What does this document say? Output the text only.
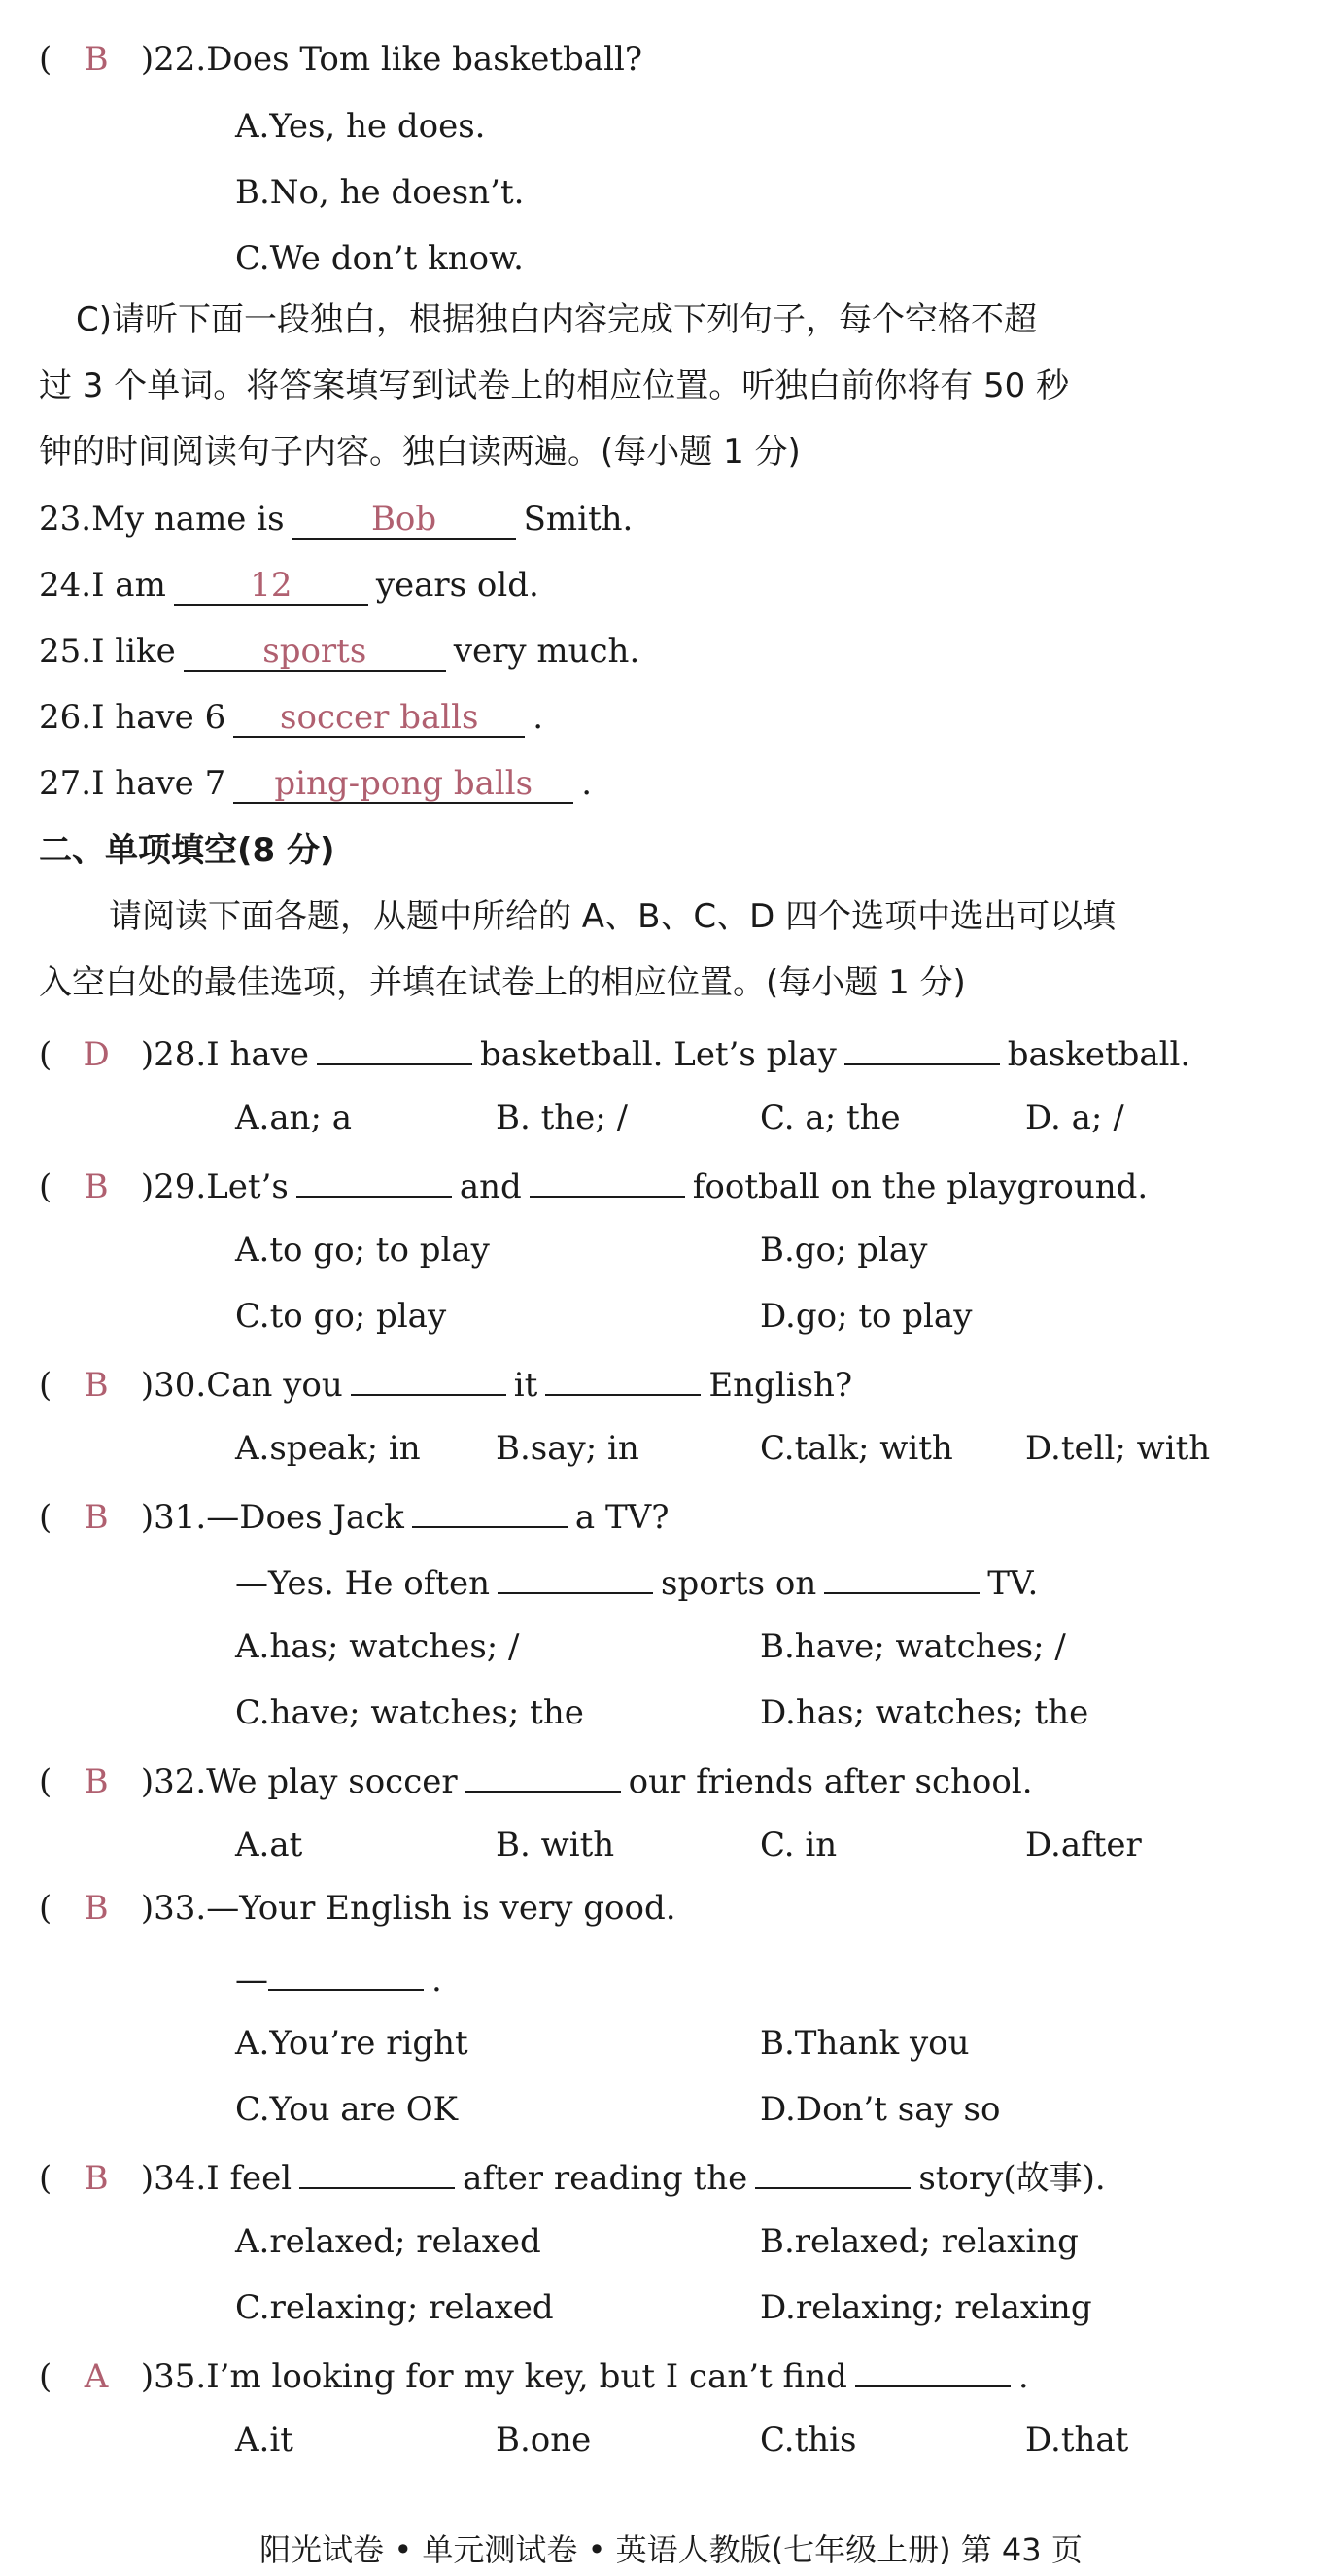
( B )22.Does Tom like basketball?
A.Yes, he does.
B.No, he doesn’t.
C.We don’t know.
C)请听下面一段独白，根据独白内容完成下列句子，每个空格不超
过 3 个单词。将答案填写到试卷上的相应位置。听独白前你将有 50 秒
钟的时间阅读句子内容。独白读两遍。(每小题 1 分)
23.My name is	Bob	Smith.
24.I am	12	years old.
25.I like	sports	very much.
26.I have 6 soccer balls .
27.I have 7 ping-pong balls .
二、单项填空(8 分)
请阅读下面各题，从题中所给的 A、B、C、D 四个选项中选出可以填
入空白处的最佳选项，并填在试卷上的相应位置。(每小题 1 分)
( D )28.I have	basketball. Let’s play	basketball.
A.an; a	B. the; /	C. a; the	D. a; /
( B )29.Let’s	and	football on the playground.
A.to go; to play	B.go; play
C.to go; play	D.go; to play
( B )30.Can you	it	English?
A.speak; in B.say; in	C.talk; with D.tell; with
( B )31.—Does Jack	a TV?
—Yes. He often	sports on	TV.
A.has; watches; /	B.have; watches; /
C.have; watches; the	D.has; watches; the
( B )32.We play soccer	our friends after school.
A.at	B. with	C. in	D.after
( B )33.—Your English is very good.
—	.
A.You’re right	B.Thank you
C.You are OK	D.Don’t say so
( B )34.I feel	after reading the	story(故事).
A.relaxed; relaxed	B.relaxed; relaxing
C.relaxing; relaxed	D.relaxing; relaxing
( A )35.I’m looking for my key, but I can’t find	.
A.it	B.one	C.this	D.that
阳光试卷 • 单元测试卷 • 英语人教版(七年级上册) 第 43 页
